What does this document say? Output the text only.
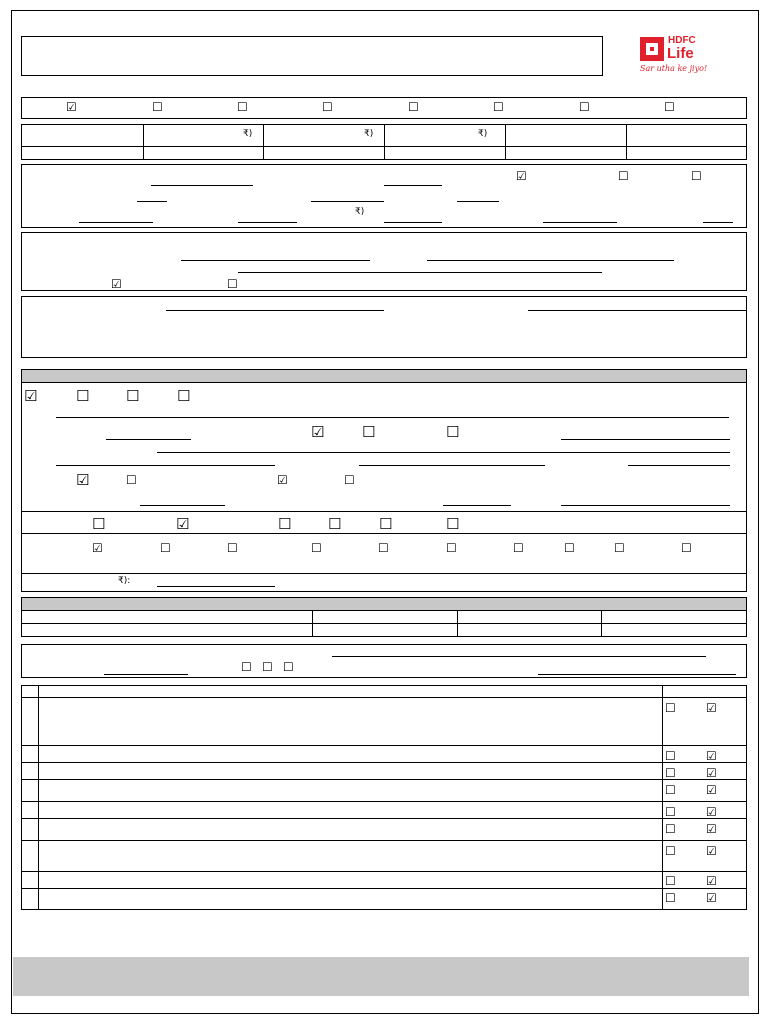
HDFC
Life
Sar utha ke jiyo!
☑	☐	☐	☐	☐	☐	☐	☐
₹)	₹)	₹)
☑	☐	☐
₹)
☑	☐
☑	☐ ☐	☐
☑	☐	☐
☑	☐	☑	☐
☐	☑	☐ ☐	☐	☐
☑	☐	☐	☐	☐	☐	☐	☐	☐	☐
₹):
☐ ☐ ☐
☐	☑
☐	☑
☐	☑
☐	☑
☐	☑
☐	☑
☐	☑
☐	☑
☐	☑
